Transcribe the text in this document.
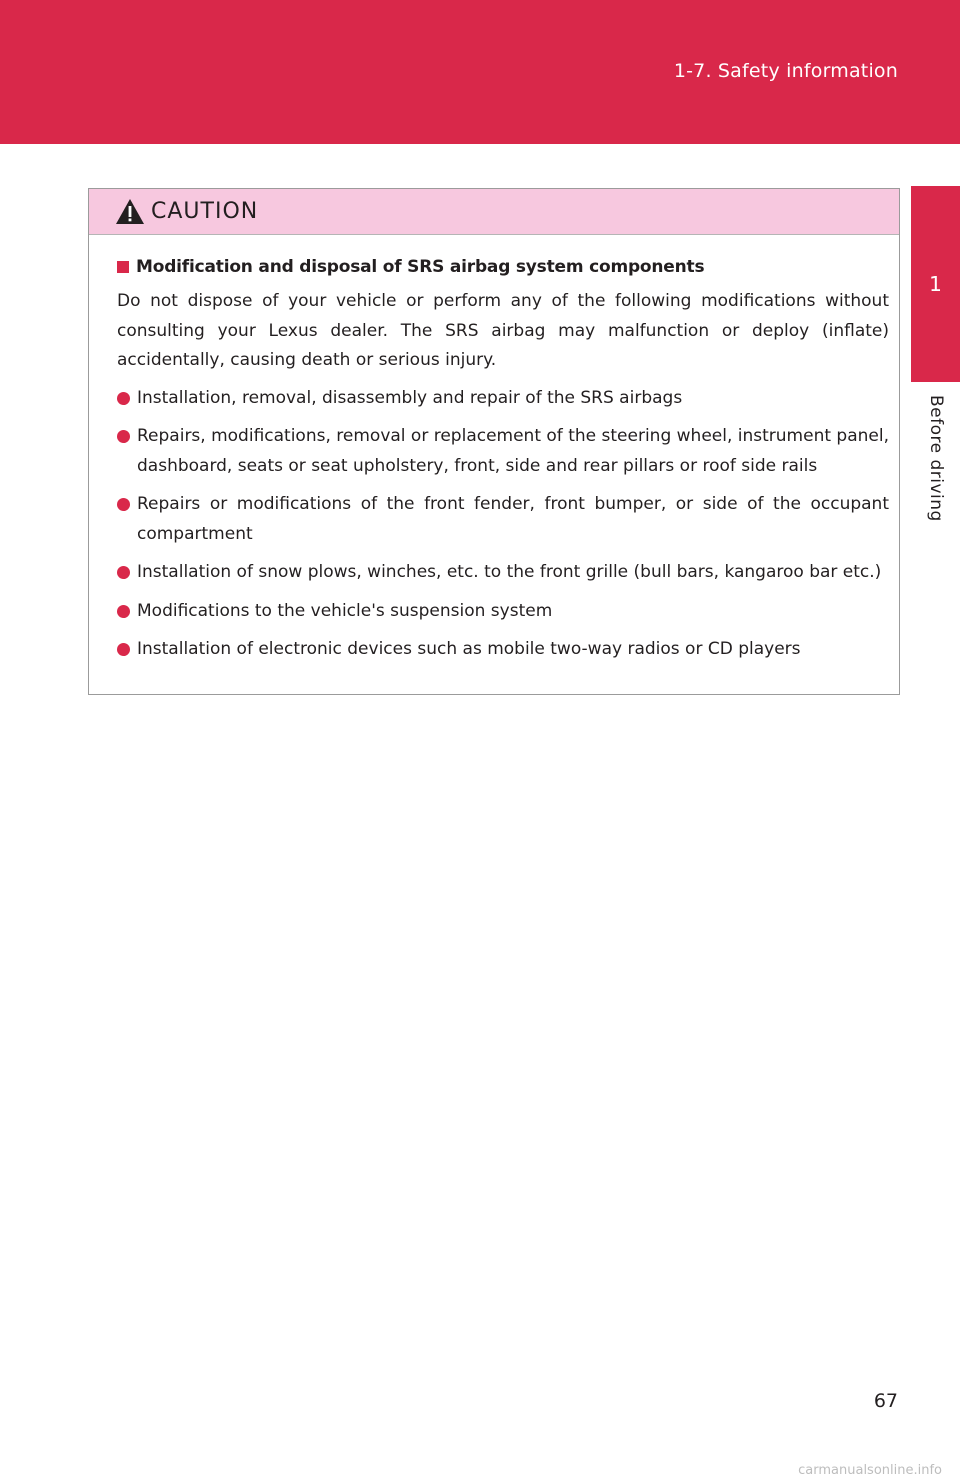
1-7. Safety information
1
Before driving
CAUTION
Modification and disposal of SRS airbag system components

Do not dispose of your vehicle or perform any of the following modifications without consulting your Lexus dealer. The SRS airbag may malfunction or deploy (inflate) accidentally, causing death or serious injury.

Installation, removal, disassembly and repair of the SRS airbags
Repairs, modifications, removal or replacement of the steering wheel, instrument panel, dashboard, seats or seat upholstery, front, side and rear pillars or roof side rails
Repairs or modifications of the front fender, front bumper, or side of the occupant compartment
Installation of snow plows, winches, etc. to the front grille (bull bars, kangaroo bar etc.)
Modifications to the vehicle's suspension system
Installation of electronic devices such as mobile two-way radios or CD players
67
carmanualsonline.info
